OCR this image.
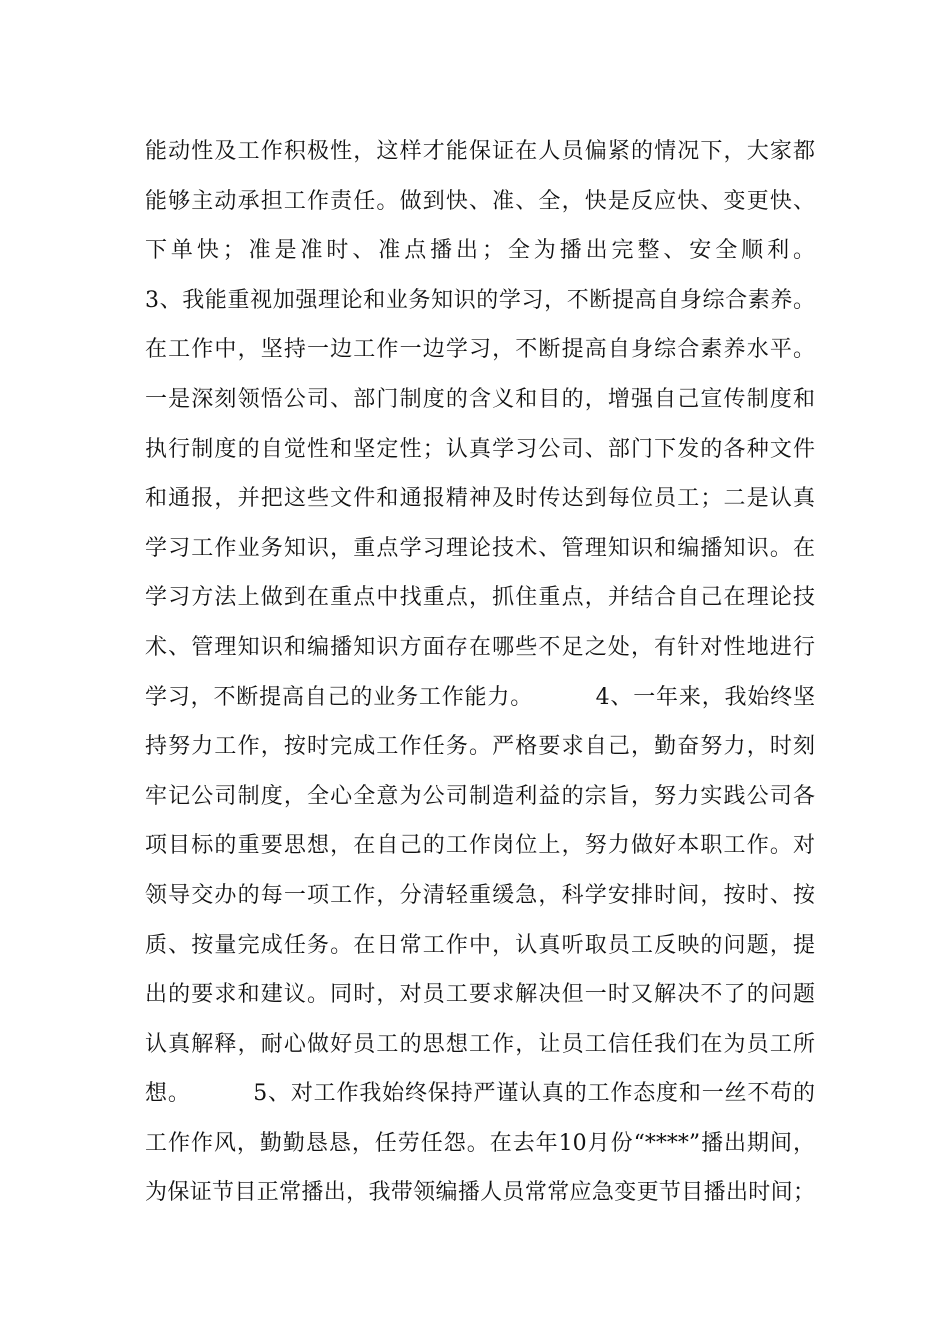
能动性及工作积极性，这样才能保证在人员偏紧的情况下，大家都
能够主动承担工作责任。做到快、准、全，快是反应快、变更快、
下单快；准是准时、准点播出；全为播出完整、安全顺利。
3、我能重视加强理论和业务知识的学习，不断提高自身综合素养。
在工作中，坚持一边工作一边学习，不断提高自身综合素养水平。
一是深刻领悟公司、部门制度的含义和目的，增强自己宣传制度和
执行制度的自觉性和坚定性；认真学习公司、部门下发的各种文件
和通报，并把这些文件和通报精神及时传达到每位员工；二是认真
学习工作业务知识，重点学习理论技术、管理知识和编播知识。在
学习方法上做到在重点中找重点，抓住重点，并结合自己在理论技
术、管理知识和编播知识方面存在哪些不足之处，有针对性地进行
学习，不断提高自己的业务工作能力。        4、一年来，我始终坚
持努力工作，按时完成工作任务。严格要求自己，勤奋努力，时刻
牢记公司制度，全心全意为公司制造利益的宗旨，努力实践公司各
项目标的重要思想，在自己的工作岗位上，努力做好本职工作。对
领导交办的每一项工作，分清轻重缓急，科学安排时间，按时、按
质、按量完成任务。在日常工作中，认真听取员工反映的问题，提
出的要求和建议。同时，对员工要求解决但一时又解决不了的问题
认真解释，耐心做好员工的思想工作，让员工信任我们在为员工所
想。        5、对工作我始终保持严谨认真的工作态度和一丝不苟的
工作作风，勤勤恳恳，任劳任怨。在去年10月份“****”播出期间，
为保证节目正常播出，我带领编播人员常常应急变更节目播出时间；
